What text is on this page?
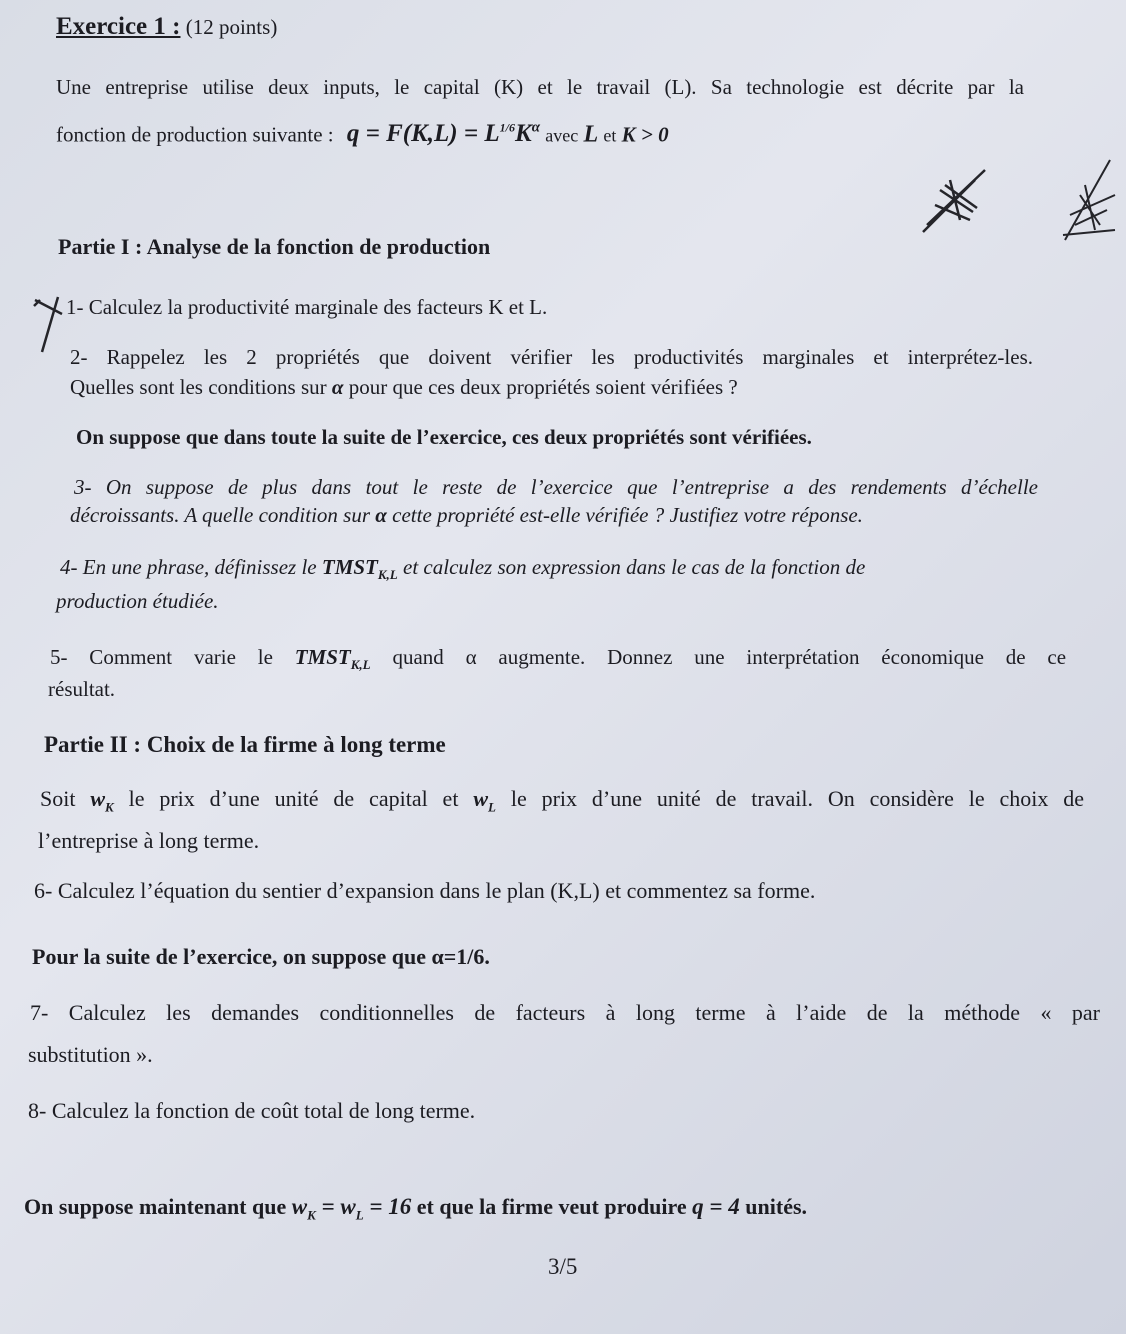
Exercice 1 : (12 points)
Une entreprise utilise deux inputs, le capital (K) et le travail (L). Sa technologie est décrite par la
fonction de production suivante : $q = F(K,L) = L^{1/6}K^\alpha$ avec L et K > 0
Partie I : Analyse de la fonction de production
1- Calculez la productivité marginale des facteurs K et L.
2- Rappelez les 2 propriétés que doivent vérifier les productivités marginales et interprétez-les.
Quelles sont les conditions sur α pour que ces deux propriétés soient vérifiées ?
On suppose que dans toute la suite de l’exercice, ces deux propriétés sont vérifiées.
3- On suppose de plus dans tout le reste de l’exercice que l’entreprise a des rendements d’échelle
décroissants. A quelle condition sur α cette propriété est-elle vérifiée ? Justifiez votre réponse.
4- En une phrase, définissez le $TMST_{K,L}$ et calculez son expression dans le cas de la fonction de
production étudiée.
5- Comment varie le $TMST_{K,L}$ quand α augmente. Donnez une interprétation économique de ce
résultat.
Partie II : Choix de la firme à long terme
Soit $w_K$ le prix d’une unité de capital et $w_L$ le prix d’une unité de travail. On considère le choix de
l’entreprise à long terme.
6- Calculez l’équation du sentier d’expansion dans le plan (K,L) et commentez sa forme.
Pour la suite de l’exercice, on suppose que α=1/6.
7- Calculez les demandes conditionnelles de facteurs à long terme à l’aide de la méthode « par
substitution ».
8- Calculez la fonction de coût total de long terme.
On suppose maintenant que $w_K = w_L = 16$ et que la firme veut produire q = 4 unités.
3/5
